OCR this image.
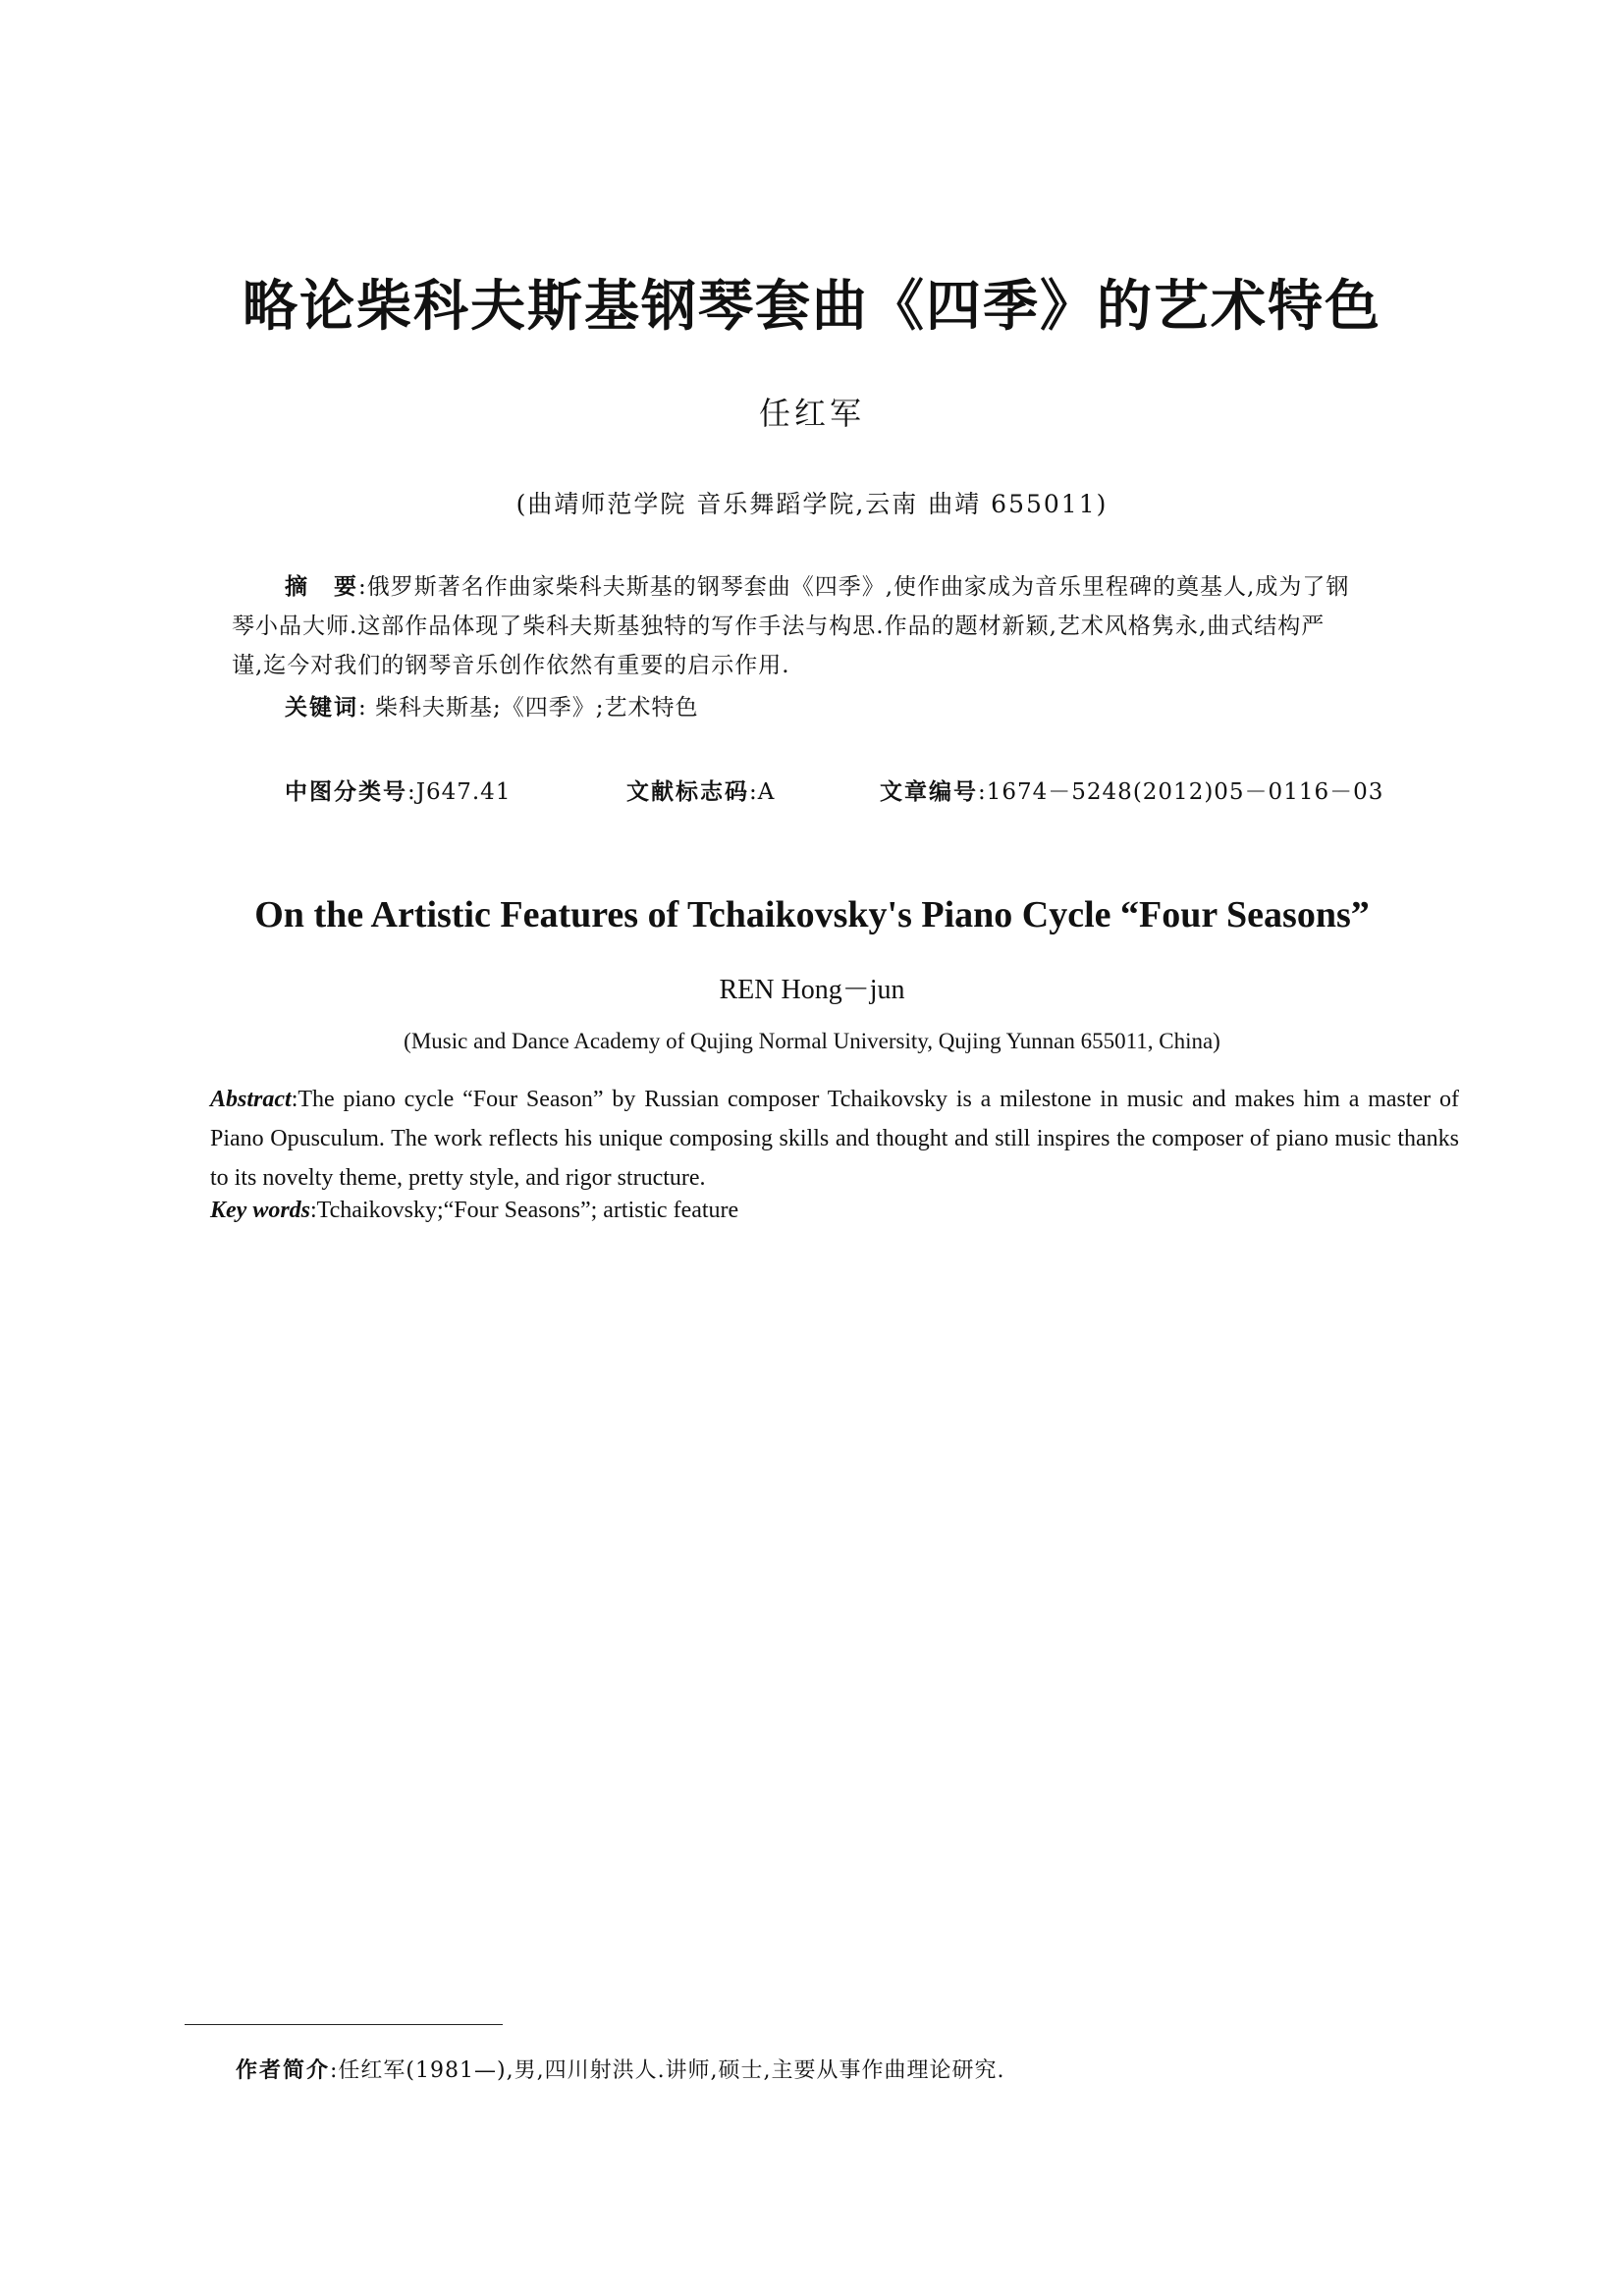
略论柴科夫斯基钢琴套曲《四季》的艺术特色
任红军
(曲靖师范学院 音乐舞蹈学院,云南 曲靖 655011)
摘　要:俄罗斯著名作曲家柴科夫斯基的钢琴套曲《四季》,使作曲家成为音乐里程碑的奠基人,成为了钢
琴小品大师.这部作品体现了柴科夫斯基独特的写作手法与构思.作品的题材新颖,艺术风格隽永,曲式结构严
谨,迄今对我们的钢琴音乐创作依然有重要的启示作用.
关键词: 柴科夫斯基;《四季》;艺术特色
中图分类号:J647.41	文献标志码:A	文章编号:1674－5248(2012)05－0116－03
On the Artistic Features of Tchaikovsky's Piano Cycle “Four Seasons”
REN Hong－jun
(Music and Dance Academy of Qujing Normal University, Qujing Yunnan 655011, China)
Abstract:The piano cycle “Four Season” by Russian composer Tchaikovsky is a milestone in music and makes him a master of Piano Opusculum. The work reflects his unique composing skills and thought and still inspires the composer of piano music thanks to its novelty theme, pretty style, and rigor structure.
Key words:Tchaikovsky;“Four Seasons”; artistic feature
作者简介:任红军(1981—),男,四川射洪人.讲师,硕士,主要从事作曲理论研究.
